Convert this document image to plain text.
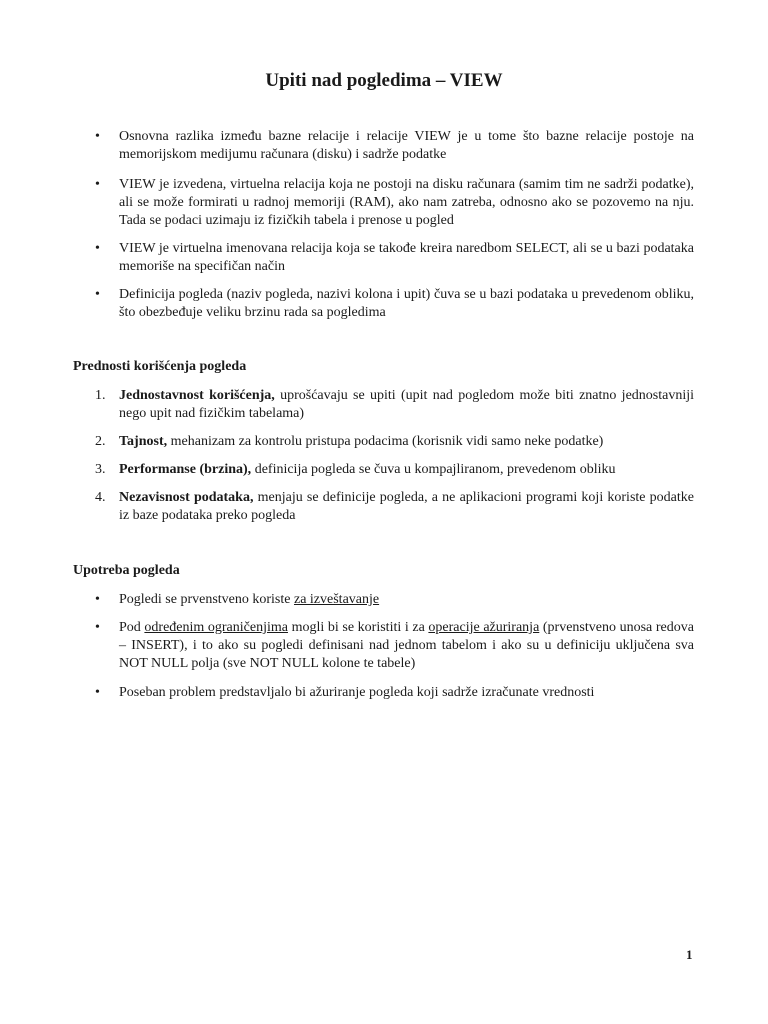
Upiti nad pogledima – VIEW
• Osnovna razlika između bazne relacije i relacije VIEW je u tome što bazne relacije postoje na memorijskom medijumu računara (disku) i sadrže podatke
• VIEW je izvedena, virtuelna relacija koja ne postoji na disku računara (samim tim ne sadrži podatke), ali se može formirati u radnoj memoriji (RAM), ako nam zatreba, odnosno ako se pozovemo na nju. Tada se podaci uzimaju iz fizičkih tabela i prenose u pogled
• VIEW je virtuelna imenovana relacija koja se takođe kreira naredbom SELECT, ali se u bazi podataka memoriše na specifičan način
• Definicija pogleda (naziv pogleda, nazivi kolona i upit) čuva se u bazi podataka u prevedenom obliku, što obezbeđuje veliku brzinu rada sa pogledima
Prednosti korišćenja pogleda
1. Jednostavnost korišćenja, uprošćavaju se upiti (upit nad pogledom može biti znatno jednostavniji nego upit nad fizičkim tabelama)
2. Tajnost, mehanizam za kontrolu pristupa podacima (korisnik vidi samo neke podatke)
3. Performanse (brzina), definicija pogleda se čuva u kompajliranom, prevedenom obliku
4. Nezavisnost podataka, menjaju se definicije pogleda, a ne aplikacioni programi koji koriste podatke iz baze podataka preko pogleda
Upotreba pogleda
• Pogledi se prvenstveno koriste za izveštavanje
• Pod određenim ograničenjima mogli bi se koristiti i za operacije ažuriranja (prvenstveno unosa redova – INSERT), i to ako su pogledi definisani nad jednom tabelom i ako su u definiciju uključena sva NOT NULL polja (sve NOT NULL kolone te tabele)
• Poseban problem predstavljalo bi ažuriranje pogleda koji sadrže izračunate vrednosti
1
